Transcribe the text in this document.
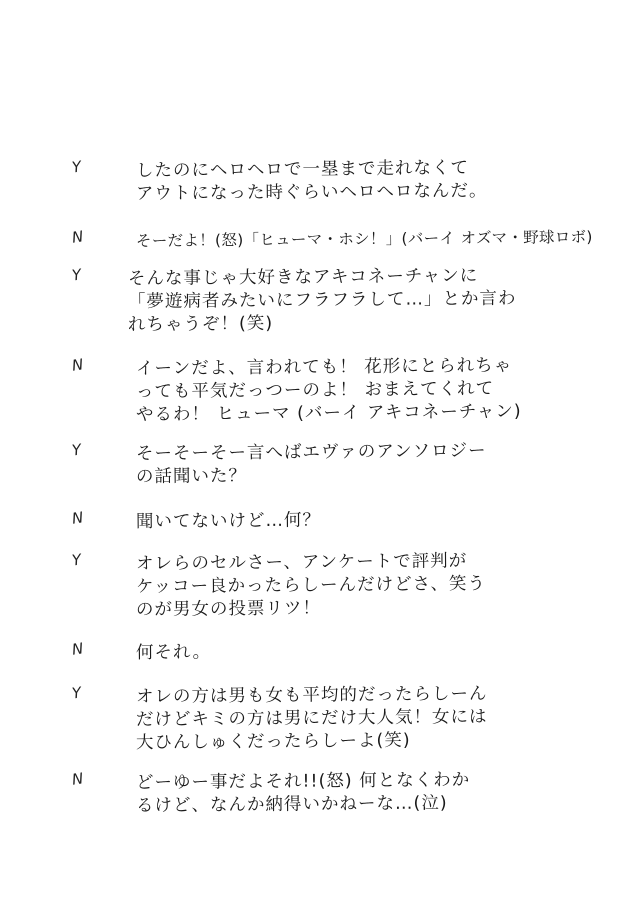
Y	したのにヘロヘロで一塁まで走れなくて
アウトになった時ぐらいヘロヘロなんだ。
N	そーだよ！(怒)「ヒューマ・ホシ！」(バーイ オズマ・野球ロボ)
Y	そんな事じゃ大好きなアキコネーチャンに
「夢遊病者みたいにフラフラして…」とか言わ
れちゃうぞ！(笑)
N	イーンだよ、言われても！ 花形にとられちゃ
っても平気だっつーのよ！ おまえてくれて
やるわ！ ヒューマ (バーイ アキコネーチャン)
Y	そーそーそー言へばエヴァのアンソロジー
の話聞いた？
N	聞いてないけど…何？
Y	オレらのセルさー、アンケートで評判が
ケッコー良かったらしーんだけどさ、笑う
のが男女の投票リツ！
N	何それ。
Y	オレの方は男も女も平均的だったらしーん
だけどキミの方は男にだけ大人気！女には
大ひんしゅくだったらしーよ(笑)
N	どーゆー事だよそれ!!(怒) 何となくわか
るけど、なんか納得いかねーな…(泣)
